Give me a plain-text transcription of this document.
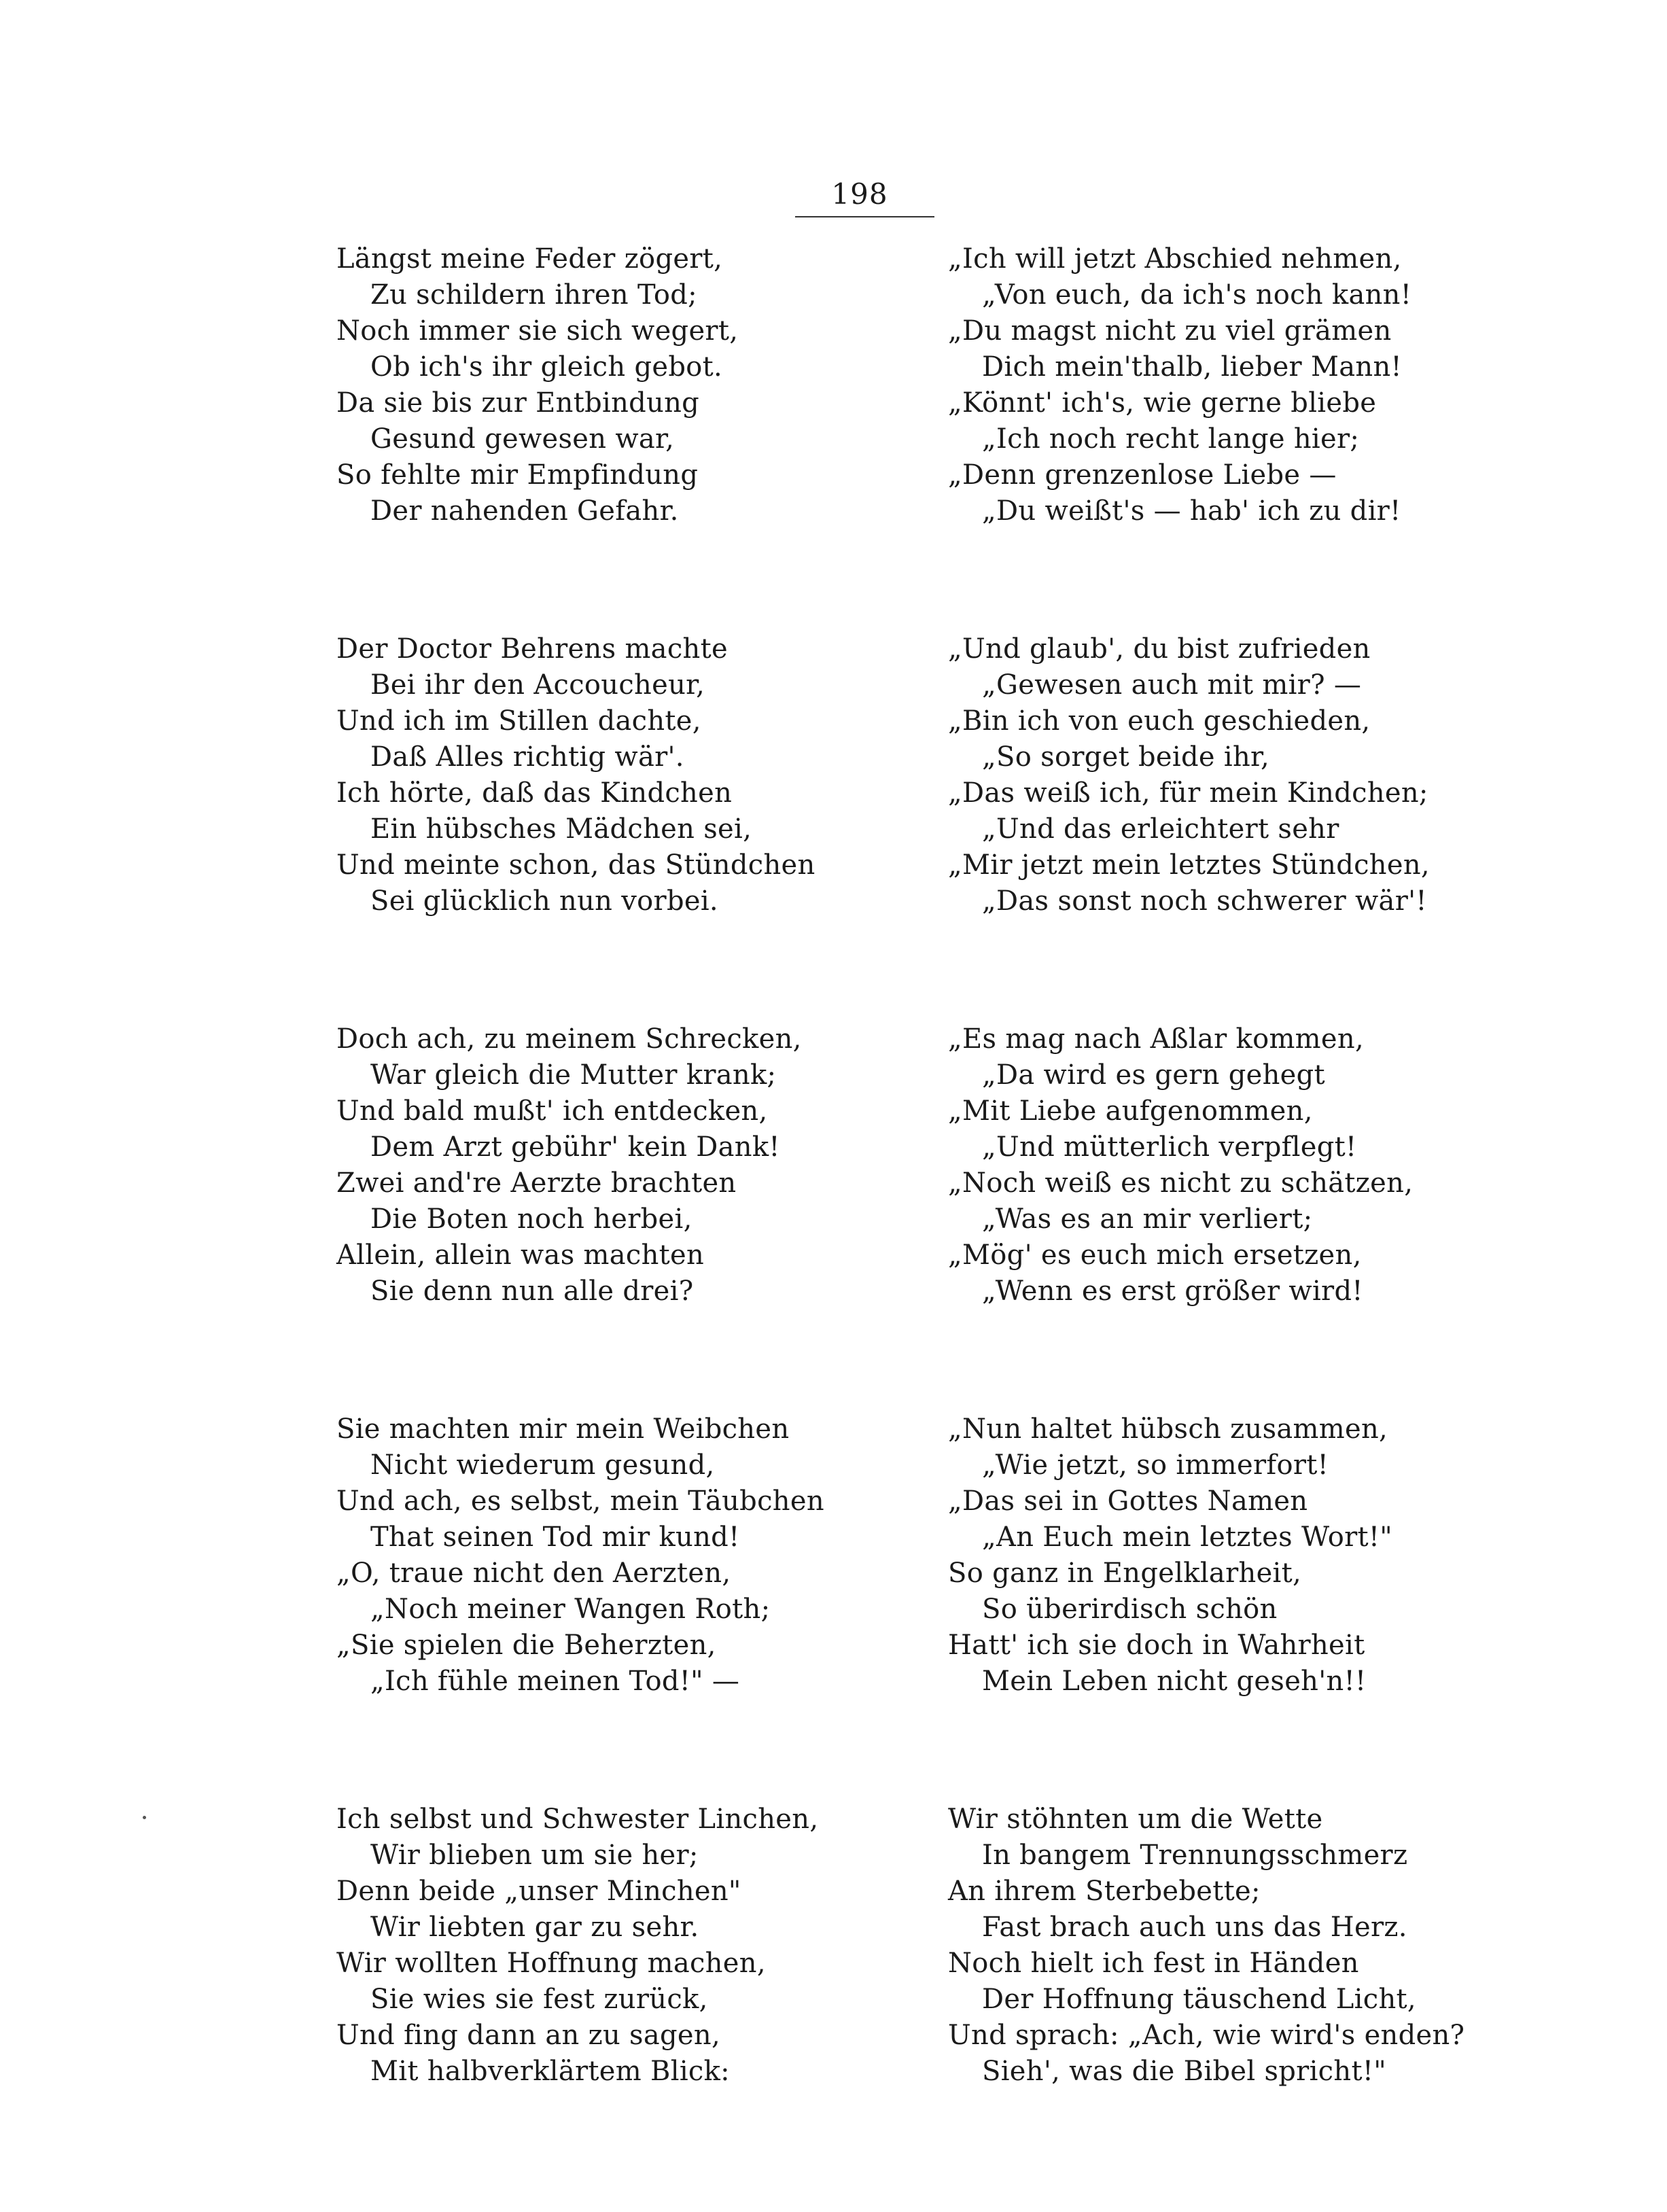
198
Längst meine Feder zögert,
Zu schildern ihren Tod;
Noch immer sie sich wegert,
Ob ich's ihr gleich gebot.
Da sie bis zur Entbindung
Gesund gewesen war,
So fehlte mir Empfindung
Der nahenden Gefahr.
Der Doctor Behrens machte
Bei ihr den Accoucheur,
Und ich im Stillen dachte,
Daß Alles richtig wär'.
Ich hörte, daß das Kindchen
Ein hübsches Mädchen sei,
Und meinte schon, das Stündchen
Sei glücklich nun vorbei.
Doch ach, zu meinem Schrecken,
War gleich die Mutter krank;
Und bald mußt' ich entdecken,
Dem Arzt gebühr' kein Dank!
Zwei and're Aerzte brachten
Die Boten noch herbei,
Allein, allein was machten
Sie denn nun alle drei?
Sie machten mir mein Weibchen
Nicht wiederum gesund,
Und ach, es selbst, mein Täubchen
That seinen Tod mir kund!
„O, traue nicht den Aerzten,
„Noch meiner Wangen Roth;
„Sie spielen die Beherzten,
„Ich fühle meinen Tod!" —
Ich selbst und Schwester Linchen,
Wir blieben um sie her;
Denn beide „unser Minchen"
Wir liebten gar zu sehr.
Wir wollten Hoffnung machen,
Sie wies sie fest zurück,
Und fing dann an zu sagen,
Mit halbverklärtem Blick:
„Ich will jetzt Abschied nehmen,
„Von euch, da ich's noch kann!
„Du magst nicht zu viel grämen
Dich mein'thalb, lieber Mann!
„Könnt' ich's, wie gerne bliebe
„Ich noch recht lange hier;
„Denn grenzenlose Liebe —
„Du weißt's — hab' ich zu dir!
„Und glaub', du bist zufrieden
„Gewesen auch mit mir? —
„Bin ich von euch geschieden,
„So sorget beide ihr,
„Das weiß ich, für mein Kindchen;
„Und das erleichtert sehr
„Mir jetzt mein letztes Stündchen,
„Das sonst noch schwerer wär'!
„Es mag nach Aßlar kommen,
„Da wird es gern gehegt
„Mit Liebe aufgenommen,
„Und mütterlich verpflegt!
„Noch weiß es nicht zu schätzen,
„Was es an mir verliert;
„Mög' es euch mich ersetzen,
„Wenn es erst größer wird!
„Nun haltet hübsch zusammen,
„Wie jetzt, so immerfort!
„Das sei in Gottes Namen
„An Euch mein letztes Wort!"
So ganz in Engelklarheit,
So überirdisch schön
Hatt' ich sie doch in Wahrheit
Mein Leben nicht geseh'n!!
Wir stöhnten um die Wette
In bangem Trennungsschmerz
An ihrem Sterbebette;
Fast brach auch uns das Herz.
Noch hielt ich fest in Händen
Der Hoffnung täuschend Licht,
Und sprach: „Ach, wie wird's enden?
Sieh', was die Bibel spricht!"
